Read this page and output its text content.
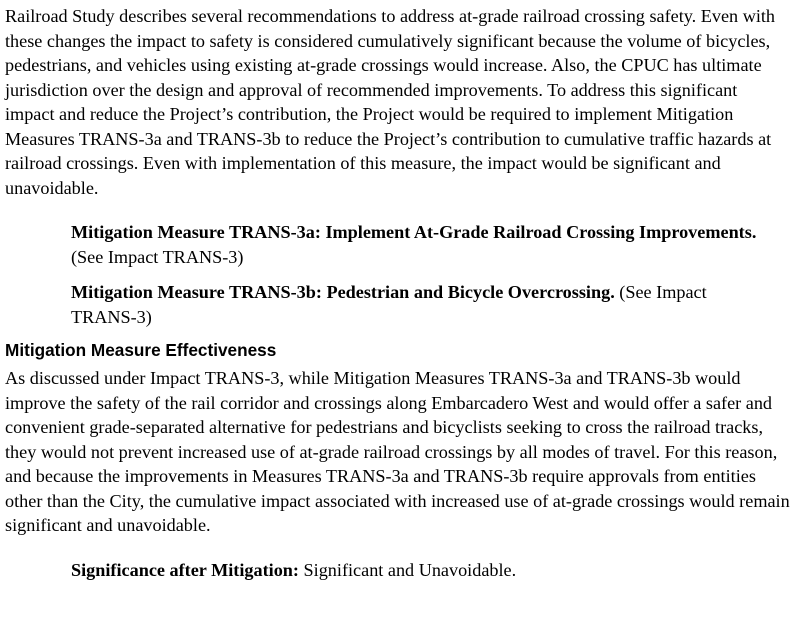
Railroad Study describes several recommendations to address at-grade railroad crossing safety. Even with these changes the impact to safety is considered cumulatively significant because the volume of bicycles, pedestrians, and vehicles using existing at-grade crossings would increase. Also, the CPUC has ultimate jurisdiction over the design and approval of recommended improvements. To address this significant impact and reduce the Project’s contribution, the Project would be required to implement Mitigation Measures TRANS-3a and TRANS-3b to reduce the Project’s contribution to cumulative traffic hazards at railroad crossings. Even with implementation of this measure, the impact would be significant and unavoidable.

Mitigation Measure TRANS-3a: Implement At-Grade Railroad Crossing Improvements. (See Impact TRANS-3)

Mitigation Measure TRANS-3b: Pedestrian and Bicycle Overcrossing. (See Impact TRANS-3)

Mitigation Measure Effectiveness

As discussed under Impact TRANS-3, while Mitigation Measures TRANS-3a and TRANS-3b would improve the safety of the rail corridor and crossings along Embarcadero West and would offer a safer and convenient grade-separated alternative for pedestrians and bicyclists seeking to cross the railroad tracks, they would not prevent increased use of at-grade railroad crossings by all modes of travel. For this reason, and because the improvements in Measures TRANS-3a and TRANS-3b require approvals from entities other than the City, the cumulative impact associated with increased use of at-grade crossings would remain significant and unavoidable.

Significance after Mitigation: Significant and Unavoidable.
